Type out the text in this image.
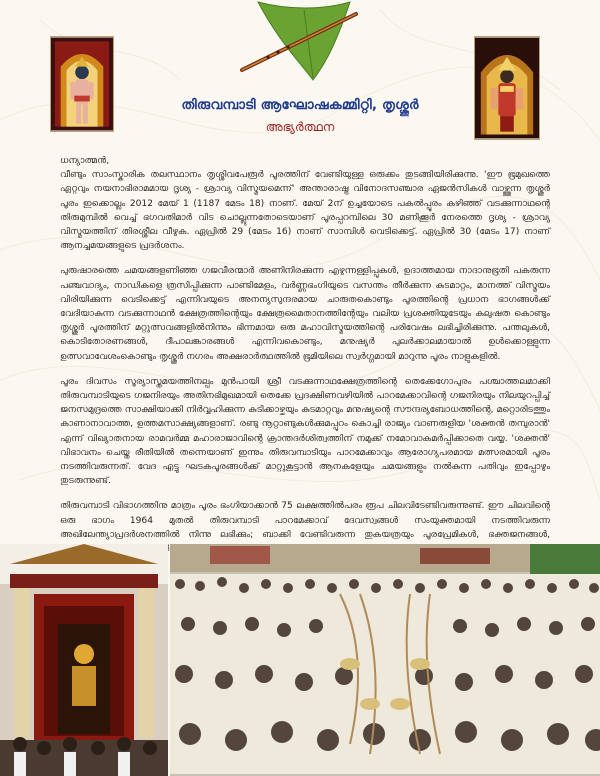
തിരുവമ്പാടി ആഘോഷകമ്മിറ്റി, തൃശ്ശൂർ
അഭ്യർത്ഥന

ധന്യാത്മൻ,

വീണ്ടും സാംസ്കാരിക തലസ്ഥാനം തൃശ്ശിവപേരൂർ പൂരത്തിന് വേണ്ടിയുള്ള ഒരുക്കം തുടങ്ങിയിരിക്കുന്നു. 'ഈ ഭൂമുഖത്തെ ഏറ്റവും നയനാഭിരാമമായ ദൃശ്യ - ശ്രാവ്യ വിസ്മയമെന്ന്' അന്താരാഷ്ട്ര വിനോദസഞ്ചാര ഏജൻസികൾ വാഴ്ത്തുന്ന തൃശ്ശൂർ പൂരം ഇക്കൊല്ലം 2012 മേയ് 1 (1187 മേടം 18) നാണ്. മേയ് 2ന് ഉച്ചയോടെ പകൽപ്പൂരം കഴിഞ്ഞ് വടക്കുന്നാഥന്റെ തിരുമുമ്പിൽ വെച്ച് ഭഗവതിമാർ വിട ചൊല്ലുന്നതോടെയാണ് പൂരപ്പറമ്പിലെ 30 മണിക്കൂർ നേരത്തെ ദൃശ്യ - ശ്രാവ്യ വിസ്മയത്തിന് തിരശ്ശീല വീഴുക. ഏപ്രിൽ 29 (മേടം 16) നാണ് സാമ്പിൾ വെടിക്കെട്ട്. ഏപ്രിൽ 30 (മേടം 17) നാണ് ആനച്ചമയങ്ങളുടെ പ്രദർശനം.

പുരുഷാരത്തെ ചമയങ്ങളണിഞ്ഞ ഗജവീരന്മാർ അണിനിരക്കുന്ന എഴുന്നള്ളിപ്പുകൾ, ഉദാത്തമായ നാദാനുഭൂതി പകരുന്ന പഞ്ചവാദ്യം, നാഡികളെ ത്രസിപ്പിക്കുന്ന പാണ്ടിമേളം, വർണ്ണഭംഗിയുടെ വസന്തം തീർക്കുന്ന കുടമാറ്റം, മാനത്ത് വിസ്മയം വിരിയിക്കുന്ന വെടിക്കെട്ട് എന്നിവയുടെ അനന്യസുന്ദരമായ ചാരുതകൊണ്ടും പൂരത്തിന്റെ പ്രധാന ഭാഗങ്ങൾക്ക് വേദിയാകുന്ന വടക്കുന്നാഥൻ ക്ഷേത്രത്തിന്റെയും ക്ഷേത്രമൈതാനത്തിന്റേയും വലിയ പ്രശക്തിയുടേയും കലുഷത കൊണ്ടും തൃശ്ശൂർ പൂരത്തിന് മറ്റുത്സവങ്ങളിൽനിന്നും ഭിന്നമായ ഒരു മഹാവിസ്മയത്തിന്റെ പരിവേഷം ലഭിച്ചിരിക്കുന്നു. പന്തലുകൾ, കൊടിതോരണങ്ങൾ, ദീപാലങ്കാരങ്ങൾ എന്നിവകൊണ്ടും, മനുഷ്യർ പുലർക്കാലമായാൽ ഉൾക്കൊള്ളുന്ന ഉത്സവാവേശംകൊണ്ടും തൃശ്ശൂർ നഗരം അക്ഷരാർത്ഥത്തിൽ ഭൂമിയിലെ സ്വർഗ്ഗമായി മാറുന്നു പൂരം നാളുകളിൽ.

പൂരം ദിവസം സൂര്യാസ്തമയത്തിനല്പം മുൻപായി ശ്രീ വടക്കുന്നാഥക്ഷേത്രത്തിന്റെ തെക്കേഗോപുരം പശ്ചാത്തലമാക്കി തിരുവമ്പാടിയുടെ ഗജനിരയും അതിനഭിമുഖമായി തെക്കേ പ്രദക്ഷിണവഴിയിൽ പാറമേക്കാവിന്റെ ഗജനിരയും നിലയുറപ്പിച്ച് ജനസമുദ്രത്തെ സാക്ഷിയാക്കി നിർവ്വഹിക്കുന്ന കുടിക്കാഴ്ചയും കുടമാറ്റവും മനുഷ്യന്റെ സൗന്ദര്യബോധത്തിന്റെ, മറ്റൊരിടത്തും കാണാനാവാത്ത, ഉത്തമസാക്ഷ്യങ്ങളാണ്. രണ്ടു നൂറ്റാണ്ടുകൾക്കുമപ്പുറം കൊച്ചി രാജ്യം വാണരുളിയ 'ശക്തൻ തമ്പുരാൻ' എന്ന് വിഖ്യാതനായ രാമവർമ്മ മഹാരാജാവിന്റെ ക്രാന്തദർശിത്വത്തിന് നമുക്ക് നമോവാകമർപ്പിക്കാതെ വയ്യ. 'ശക്തൻ' വിഭാവനം ചെയ്ത രീതിയിൽ തന്നെയാണ് ഇന്നും തിരുവമ്പാടിയും പാറമേക്കാവും ആരോഗ്യപരമായ മത്സരമായി പൂരം നടത്തിവരുന്നത്. വേദ എട്ടു ഘടകപൂരങ്ങൾക്ക് മാറ്റുകൂട്ടാൻ ആനകളേയും ചമയങ്ങളും നൽകുന്ന പതിവും ഇപ്പോഴും തുടരുന്നുണ്ട്.

തിരുവമ്പാടി വിഭാഗത്തിനു മാത്രം പൂരം ഭംഗിയാക്കാൻ 75 ലക്ഷത്തിൽപരം രൂപ ചിലവിടേണ്ടിവരുന്നുണ്ട്. ഈ ചിലവിന്റെ ഒരു ഭാഗം 1964 മുതൽ തിരുവമ്പാടി പാറമേക്കാവ് ദേവസ്വങ്ങൾ സംയുക്തമായി നടത്തിവരുന്ന അഖിലേന്ത്യാപ്രദർശനത്തിൽ നിന്നു ലഭിക്കും; ബാക്കി വേണ്ടിവരുന്ന തുകയത്രയും പൂരപ്രേമികൾ, ഭക്തജനങ്ങൾ,
